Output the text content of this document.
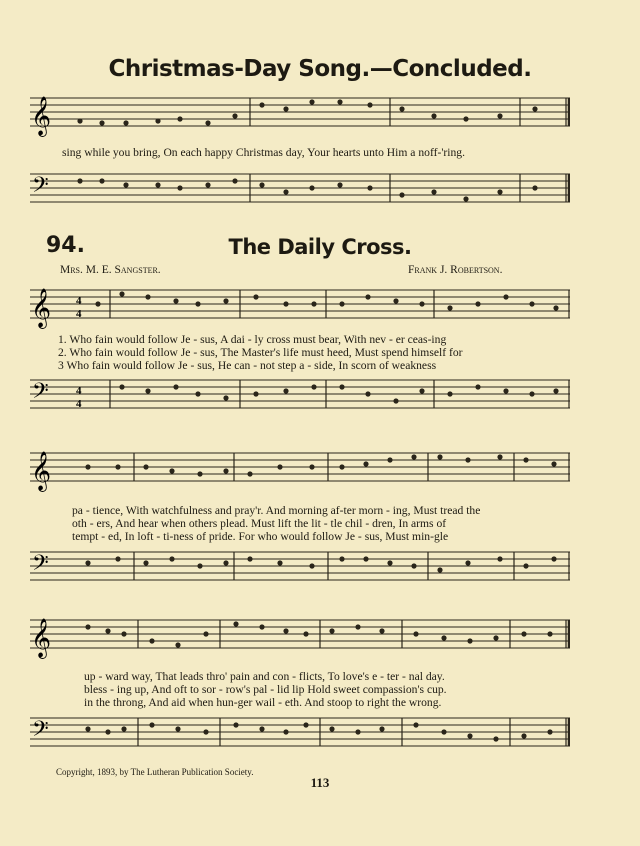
Christmas-Day Song.—Concluded.
𝄞
sing while you bring, On each happy Christmas day, Your hearts unto Him a noff-'ring.
𝄢
94.	The Daily Cross.
Mrs. M. E. Sangster.	Frank J. Robertson.
𝄞 4
4
1. Who fain would follow Je - sus, A dai - ly cross must bear, With nev - er ceas-ing
2. Who fain would follow Je - sus, The Master's life must heed, Must spend himself for
3 Who fain would follow Je - sus, He can - not step a - side, In scorn of weakness
𝄢 4
4
𝄞
pa - tience, With watchfulness and pray'r. And morning af-ter morn - ing, Must tread the
oth - ers, And hear when others plead. Must lift the lit - tle chil - dren, In arms of
tempt - ed, In loft - ti-ness of pride. For who would follow Je - sus, Must min-gle
𝄢
𝄞
up - ward way, That leads thro' pain and con - flicts, To love's e - ter - nal day.
bless - ing up, And oft to sor - row's pal - lid lip Hold sweet compassion's cup.
in the throng, And aid when hun-ger wail - eth. And stoop to right the wrong.
𝄢
Copyright, 1893, by The Lutheran Publication Society.
113
